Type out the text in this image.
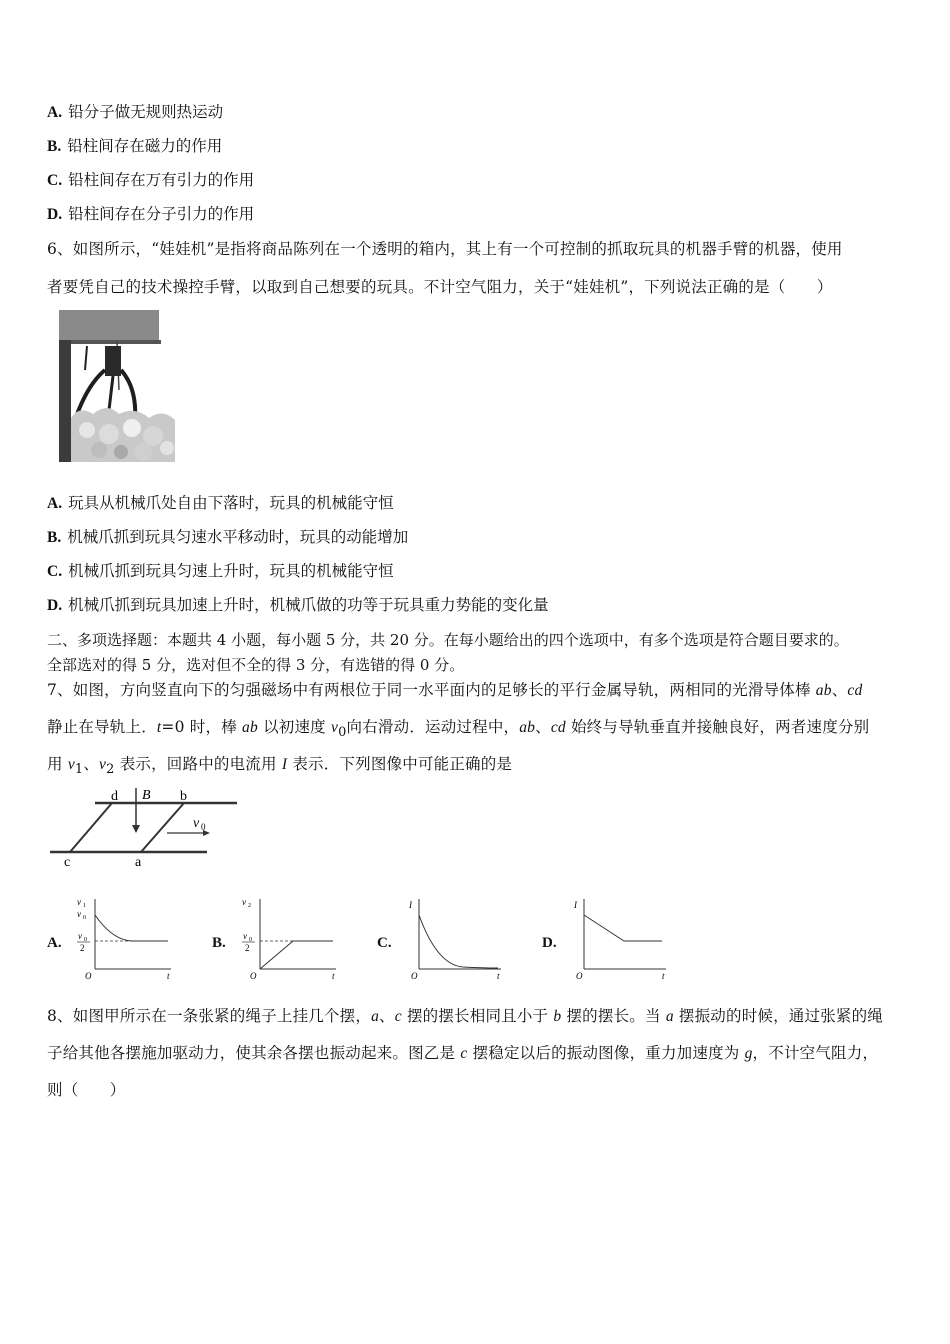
A. 铅分子做无规则热运动
B. 铅柱间存在磁力的作用
C. 铅柱间存在万有引力的作用
D. 铅柱间存在分子引力的作用
6、如图所示，“娃娃机”是指将商品陈列在一个透明的箱内，其上有一个可控制的抓取玩具的机器手臂的机器，使用
者要凭自己的技术操控手臂，以取到自己想要的玩具。不计空气阻力，关于“娃娃机”，下列说法正确的是（　　）
A. 玩具从机械爪处自由下落时，玩具的机械能守恒
B. 机械爪抓到玩具匀速水平移动时，玩具的动能增加
C. 机械爪抓到玩具匀速上升时，玩具的机械能守恒
D. 机械爪抓到玩具加速上升时，机械爪做的功等于玩具重力势能的变化量
二、多项选择题：本题共 4 小题，每小题 5 分，共 20 分。在每小题给出的四个选项中，有多个选项是符合题目要求的。
全部选对的得 5 分，选对但不全的得 3 分，有选错的得 0 分。
7、如图，方向竖直向下的匀强磁场中有两根位于同一水平面内的足够长的平行金属导轨，两相同的光滑导体棒 ab、cd
静止在导轨上．t=0 时，棒 ab 以初速度 $v_0$向右滑动．运动过程中，ab、cd 始终与导轨垂直并接触良好，两者速度分别
用 $v_1$、$v_2$ 表示，回路中的电流用 I 表示．下列图像中可能正确的是
d B b
v 0
c	a
A.	B.	C.	D.
v 1
v 0
v 0
2
O	t
v 2
v 0
2
O	t
I
O	t
I
O	t
8、如图甲所示在一条张紧的绳子上挂几个摆，a、c 摆的摆长相同且小于 b 摆的摆长。当 a 摆振动的时候，通过张紧的绳
子给其他各摆施加驱动力，使其余各摆也振动起来。图乙是 c 摆稳定以后的振动图像，重力加速度为 g，不计空气阻力，
则（　　）
